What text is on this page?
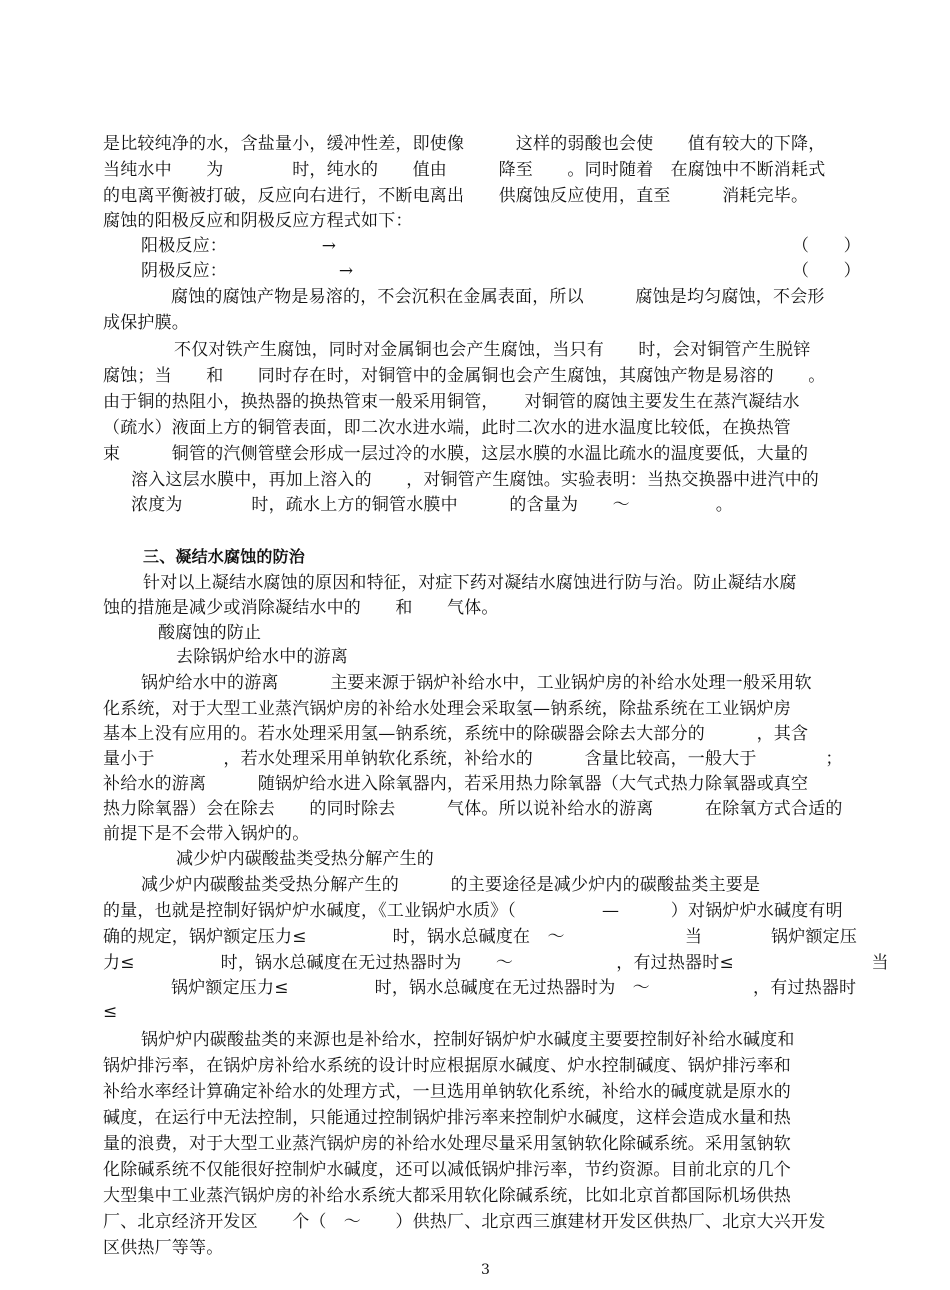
是比较纯净的水，含盐量小，缓冲性差，即使像　　　这样的弱酸也会使　　值有较大的下降，
当纯水中　　为　　　　时，纯水的　　值由　　　降至　　。同时随着　在腐蚀中不断消耗式
的电离平衡被打破，反应向右进行，不断电离出　　供腐蚀反应使用，直至　　　消耗完毕。
腐蚀的阳极反应和阴极反应方程式如下：
阳极反应：　　　　　　→　　　　　　　　　　　　　　　　　　　　　　　　　　　（　　）
阴极反应：　　　　　　　→　　　　　　　　　　　　　　　　　　　　　　　　　　（　　）
腐蚀的腐蚀产物是易溶的，不会沉积在金属表面，所以　　　腐蚀是均匀腐蚀，不会形
成保护膜。
不仅对铁产生腐蚀，同时对金属铜也会产生腐蚀，当只有　　时，会对铜管产生脱锌
腐蚀；当　　和　　同时存在时，对铜管中的金属铜也会产生腐蚀，其腐蚀产物是易溶的　　。
由于铜的热阻小，换热器的换热管束一般采用铜管，　　对铜管的腐蚀主要发生在蒸汽凝结水
（疏水）液面上方的铜管表面，即二次水进水端，此时二次水的进水温度比较低，在换热管
束　　　铜管的汽侧管壁会形成一层过冷的水膜，这层水膜的水温比疏水的温度要低，大量的
溶入这层水膜中，再加上溶入的　　，对铜管产生腐蚀。实验表明：当热交换器中进汽中的
浓度为　　　　时，疏水上方的铜管水膜中　　　的含量为　　～　　　　　。
三、凝结水腐蚀的防治
针对以上凝结水腐蚀的原因和特征，对症下药对凝结水腐蚀进行防与治。防止凝结水腐
蚀的措施是减少或消除凝结水中的　　和　　气体。
酸腐蚀的防止
去除锅炉给水中的游离
锅炉给水中的游离　　　主要来源于锅炉补给水中，工业锅炉房的补给水处理一般采用软
化系统，对于大型工业蒸汽锅炉房的补给水处理会采取氢—钠系统，除盐系统在工业锅炉房
基本上没有应用的。若水处理采用氢—钠系统，系统中的除碳器会除去大部分的　　　，其含
量小于　　　　，若水处理采用单钠软化系统，补给水的　　　含量比较高，一般大于　　　　；
补给水的游离　　　随锅炉给水进入除氧器内，若采用热力除氧器（大气式热力除氧器或真空
热力除氧器）会在除去　　的同时除去　　　气体。所以说补给水的游离　　　在除氧方式合适的
前提下是不会带入锅炉的。
减少炉内碳酸盐类受热分解产生的
减少炉内碳酸盐类受热分解产生的　　　的主要途径是减少炉内的碳酸盐类主要是
的量，也就是控制好锅炉炉水碱度，《工业锅炉水质》（　　　　　—　　　）对锅炉炉水碱度有明
确的规定，锅炉额定压力≤　　　　　时，锅水总碱度在　～　　　　　　　当　　　　锅炉额定压
力≤　　　　　时，锅水总碱度在无过热器时为　　～　　　　　　，有过热器时≤　　　　　　　　当
锅炉额定压力≤　　　　　时，锅水总碱度在无过热器时为　～　　　　　　，有过热器时
≤
锅炉炉内碳酸盐类的来源也是补给水，控制好锅炉炉水碱度主要要控制好补给水碱度和
锅炉排污率，在锅炉房补给水系统的设计时应根据原水碱度、炉水控制碱度、锅炉排污率和
补给水率经计算确定补给水的处理方式，一旦选用单钠软化系统，补给水的碱度就是原水的
碱度，在运行中无法控制，只能通过控制锅炉排污率来控制炉水碱度，这样会造成水量和热
量的浪费，对于大型工业蒸汽锅炉房的补给水处理尽量采用氢钠软化除碱系统。采用氢钠软
化除碱系统不仅能很好控制炉水碱度，还可以减低锅炉排污率，节约资源。目前北京的几个
大型集中工业蒸汽锅炉房的补给水系统大都采用软化除碱系统，比如北京首都国际机场供热
厂、北京经济开发区　　个（　～　　）供热厂、北京西三旗建材开发区供热厂、北京大兴开发
区供热厂等等。
3
